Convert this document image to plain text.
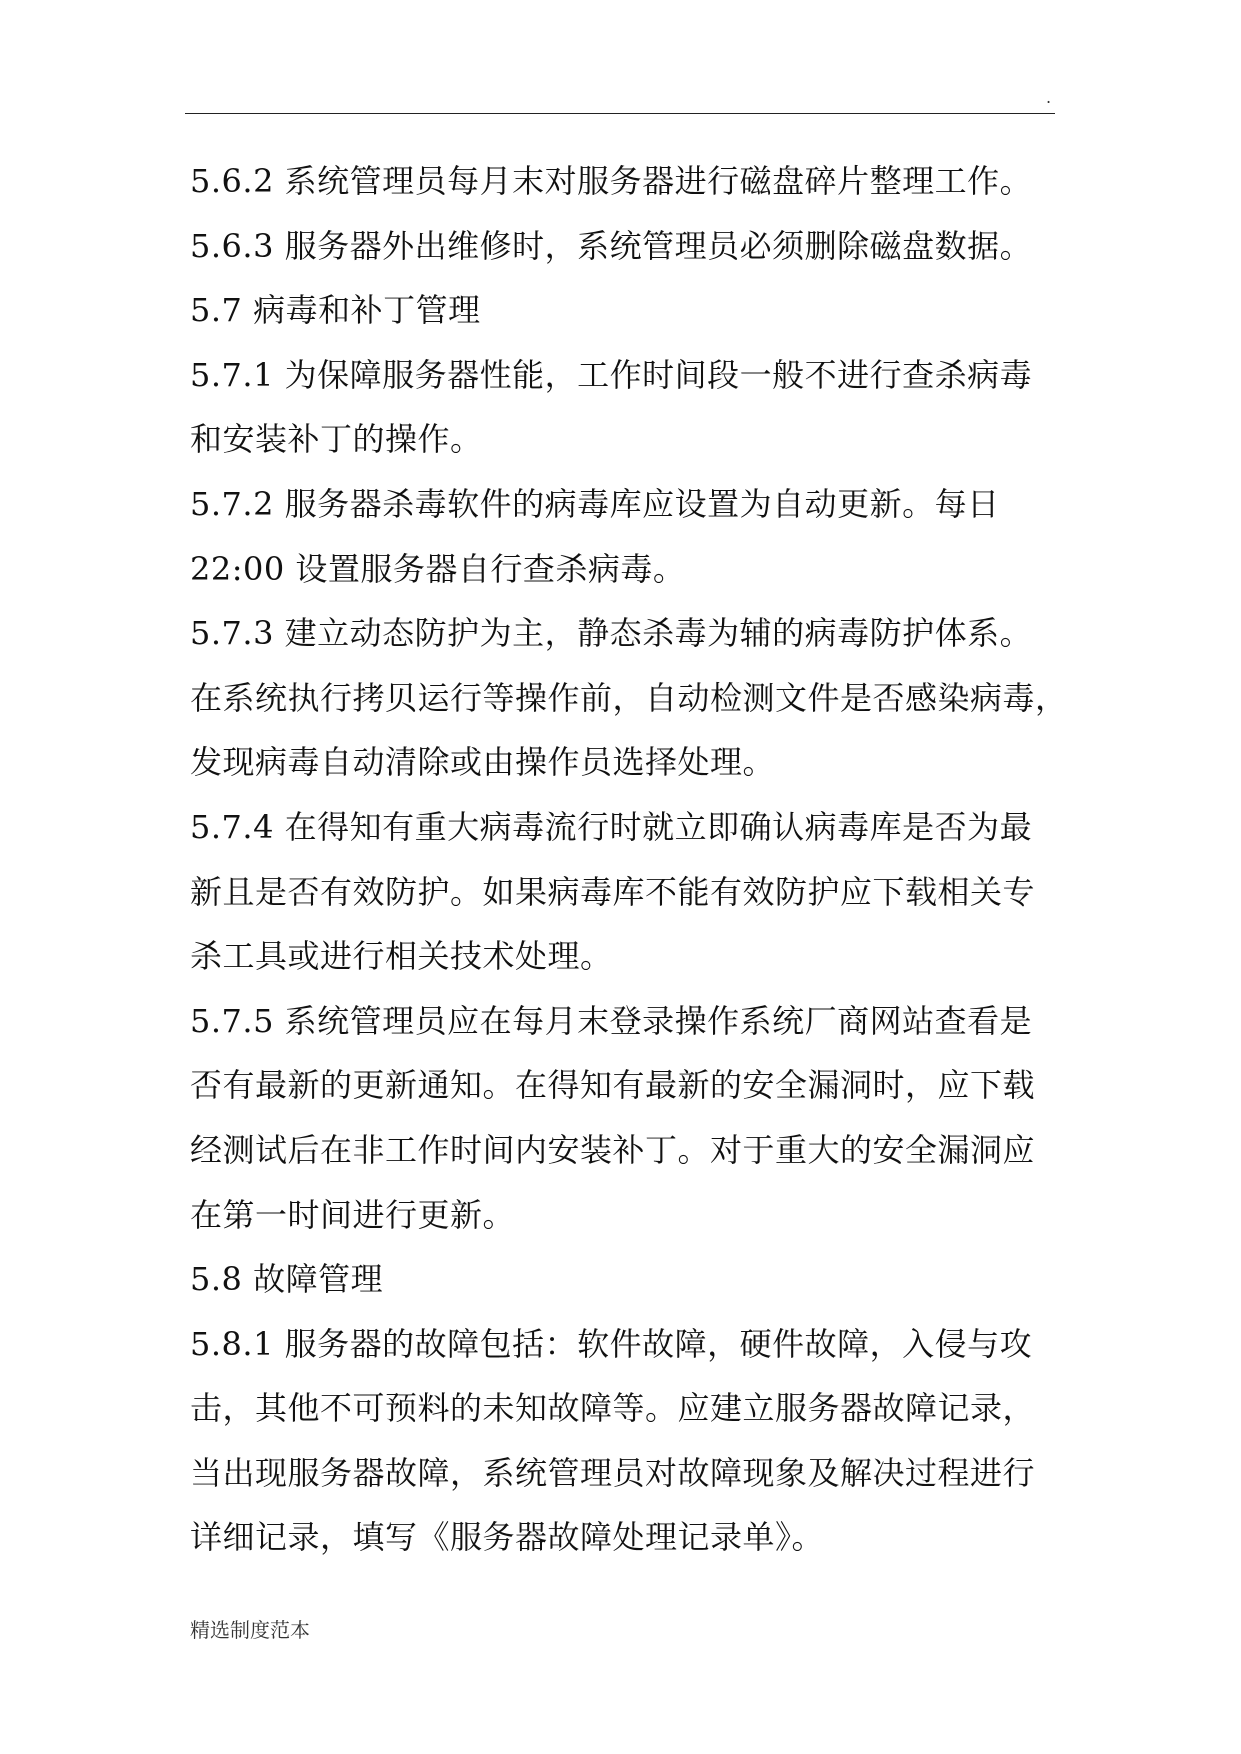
.
5.6.2 系统管理员每月末对服务器进行磁盘碎片整理工作。
5.6.3 服务器外出维修时，系统管理员必须删除磁盘数据。
5.7 病毒和补丁管理
5.7.1 为保障服务器性能，工作时间段一般不进行查杀病毒
和安装补丁的操作。
5.7.2 服务器杀毒软件的病毒库应设置为自动更新。每日
22:00 设置服务器自行查杀病毒。
5.7.3 建立动态防护为主，静态杀毒为辅的病毒防护体系。
在系统执行拷贝运行等操作前，自动检测文件是否感染病毒，
发现病毒自动清除或由操作员选择处理。
5.7.4 在得知有重大病毒流行时就立即确认病毒库是否为最
新且是否有效防护。如果病毒库不能有效防护应下载相关专
杀工具或进行相关技术处理。
5.7.5 系统管理员应在每月末登录操作系统厂商网站查看是
否有最新的更新通知。在得知有最新的安全漏洞时，应下载
经测试后在非工作时间内安装补丁。对于重大的安全漏洞应
在第一时间进行更新。
5.8 故障管理
5.8.1 服务器的故障包括：软件故障，硬件故障，入侵与攻
击，其他不可预料的未知故障等。应建立服务器故障记录，
当出现服务器故障，系统管理员对故障现象及解决过程进行
详细记录，填写《服务器故障处理记录单》。
精选制度范本
